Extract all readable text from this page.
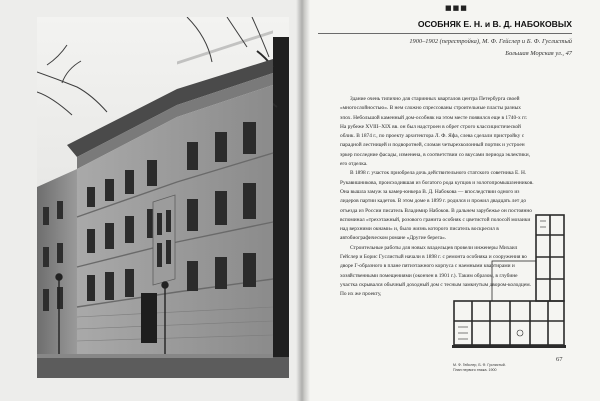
■■■
ОСОБНЯК Е. Н. и В. Д. НАБОКОВЫХ
1900–1902 (перестройка), М. Ф. Гейслер и Б. Ф. Гуслистый
Большая Морская ул., 47

Здание очень типично для старинных кварталов центра Петербурга своей «многослойностью». В нем сложно спрессованы строительные пласты разных эпох. Небольшой каменный дом-особняк на этом месте появился еще в 1740-х гг. На рубеже XVIII–XIX вв. он был надстроен в обрет строго классицистической облик. В 1874 г., по проекту архитектора Л. Ф. Яфа, слева сделали пристройку с парадной лестницей и подворотней, сломан четырехколонный портик и устроен эркер последние фасады, изменена, в соответствии со вкусами периода эклектики, его отделка.

В 1898 г. участок приобрела дочь действительного статского советника Е. Н. Рукавишникова, происходившая из богатого рода купцов и золотопромышленников. Она вышла замуж за камер-юнкера В. Д. Набокова — впоследствии одного из лидеров партии кадетов. В этом доме в 1899 г. родился и прожил двадцать лет до отъезда из России писатель Владимир Набоков. В дальнем зарубежье он постоянно вспоминал «трехэтажный, розового гранита особняк с цветистой полосой мозаики над верхними окнами» и, было жизнь которого писатель воскресил в автобиографическом романе «Другие берега».

Строительные работы для новых владельцев провели инженеры Михаил Гейслер и Борис Гуслистый начали в 1898 г. с ремонта особняка и сооружения во дворе Г-образного в плане пятиэтажного корпуса с наемными квартирами и хозяйственными помещениями (окончен в 1901 г.). Таким образом, в глубине участка скрывался обычный доходный дом с тесным замкнутым двором-колодцем. По их же проекту,

М. Ф. Гейслер, Б. Ф. Гуслистый.
План первого этажа. 1900
67
